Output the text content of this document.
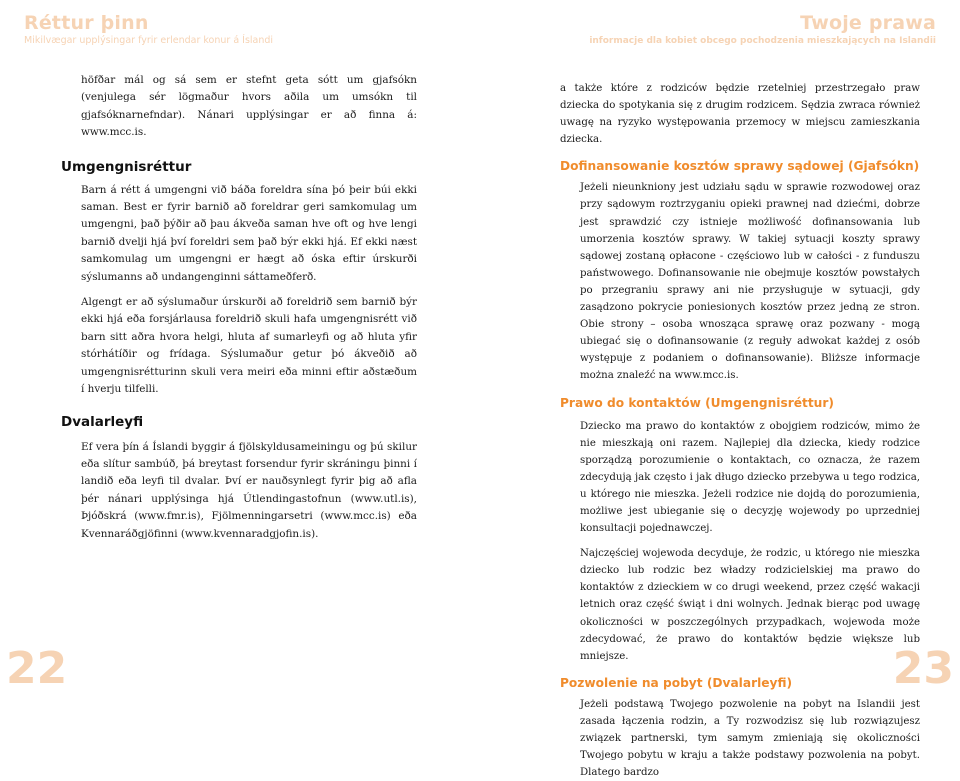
Réttur þinn
Mikilvægar upplýsingar fyrir erlendar konur á Íslandi

höfðar mál og sá sem er stefnt geta sótt um gjafsókn (venjulega sér lögmaður hvors aðila um umsókn til gjafsóknarnefndar). Nánari upplýsingar er að finna á: www.mcc.is.

Umgengnisréttur

Barn á rétt á umgengni við báða foreldra sína þó þeir búi ekki saman. Best er fyrir barnið að foreldrar geri samkomulag um umgengni, það þýðir að þau ákveða saman hve oft og hve lengi barnið dvelji hjá því foreldri sem það býr ekki hjá. Ef ekki næst samkomulag um umgengni er hægt að óska eftir úrskurði sýslumanns að undangenginni sáttameðferð.

Algengt er að sýslumaður úrskurði að foreldrið sem barnið býr ekki hjá eða forsjárlausa foreldrið skuli hafa umgengnisrétt við barn sitt aðra hvora helgi, hluta af sumarleyfi og að hluta yfir stórhátíðir og frídaga. Sýslumaður getur þó ákveðið að umgengnisrétturinn skuli vera meiri eða minni eftir aðstæðum í hverju tilfelli.

Dvalarleyfi

Ef vera þín á Íslandi byggir á fjölskyldusameiningu og þú skilur eða slítur sambúð, þá breytast forsendur fyrir skráningu þinni í landið eða leyfi til dvalar. Því er nauðsynlegt fyrir þig að afla þér nánari upplýsinga hjá Útlendingastofnun (www.utl.is), Þjóðskrá (www.fmr.is), Fjölmenningarsetri (www.mcc.is) eða Kvennaráðgjöfinni (www.kvennaradgjofin.is).

22
Twoje prawa
informacje dla kobiet obcego pochodzenia mieszkających na Islandii

a także które z rodziców będzie rzetelniej przestrzegało praw dziecka do spotykania się z drugim rodzicem. Sędzia zwraca również uwagę na ryzyko występowania przemocy w miejscu zamieszkania dziecka.

Dofinansowanie kosztów sprawy sądowej (Gjafsókn)

Jeżeli nieunkniony jest udziału sądu w sprawie rozwodowej oraz przy sądowym roztrzyganiu opieki prawnej nad dziećmi, dobrze jest sprawdzić czy istnieje możliwość dofinansowania lub umorzenia kosztów sprawy. W takiej sytuacji koszty sprawy sądowej zostaną opłacone - częściowo lub w całości - z funduszu państwowego. Dofinansowanie nie obejmuje kosztów powstałych po przegraniu sprawy ani nie przysługuje w sytuacji, gdy zasądzono pokrycie poniesionych kosztów przez jedną ze stron. Obie strony – osoba wnosząca sprawę oraz pozwany - mogą ubiegać się o dofinansowanie (z reguły adwokat każdej z osób występuje z podaniem o dofinansowanie). Bliższe informacje można znaleźć na www.mcc.is.

Prawo do kontaktów (Umgengnisréttur)

Dziecko ma prawo do kontaktów z obojgiem rodziców, mimo że nie mieszkają oni razem. Najlepiej dla dziecka, kiedy rodzice sporządzą porozumienie o kontaktach, co oznacza, że razem zdecydują jak często i jak długo dziecko przebywa u tego rodzica, u którego nie mieszka. Jeżeli rodzice nie dojdą do porozumienia, możliwe jest ubieganie się o decyzję wojewody po uprzedniej konsultacji pojednawczej.

Najczęściej wojewoda decyduje, że rodzic, u którego nie mieszka dziecko lub rodzic bez władzy rodzicielskiej ma prawo do kontaktów z dzieckiem w co drugi weekend, przez część wakacji letnich oraz część świąt i dni wolnych. Jednak bierąc pod uwagę okoliczności w poszczególnych przypadkach, wojewoda może zdecydować, że prawo do kontaktów będzie większe lub mniejsze.

Pozwolenie na pobyt (Dvalarleyfi)

Jeżeli podstawą Twojego pozwolenie na pobyt na Islandii jest zasada łączenia rodzin, a Ty rozwodzisz się lub rozwiązujesz związek partnerski, tym samym zmieniają się okoliczności Twojego pobytu w kraju a także podstawy pozwolenia na pobyt. Dlatego bardzo

23
